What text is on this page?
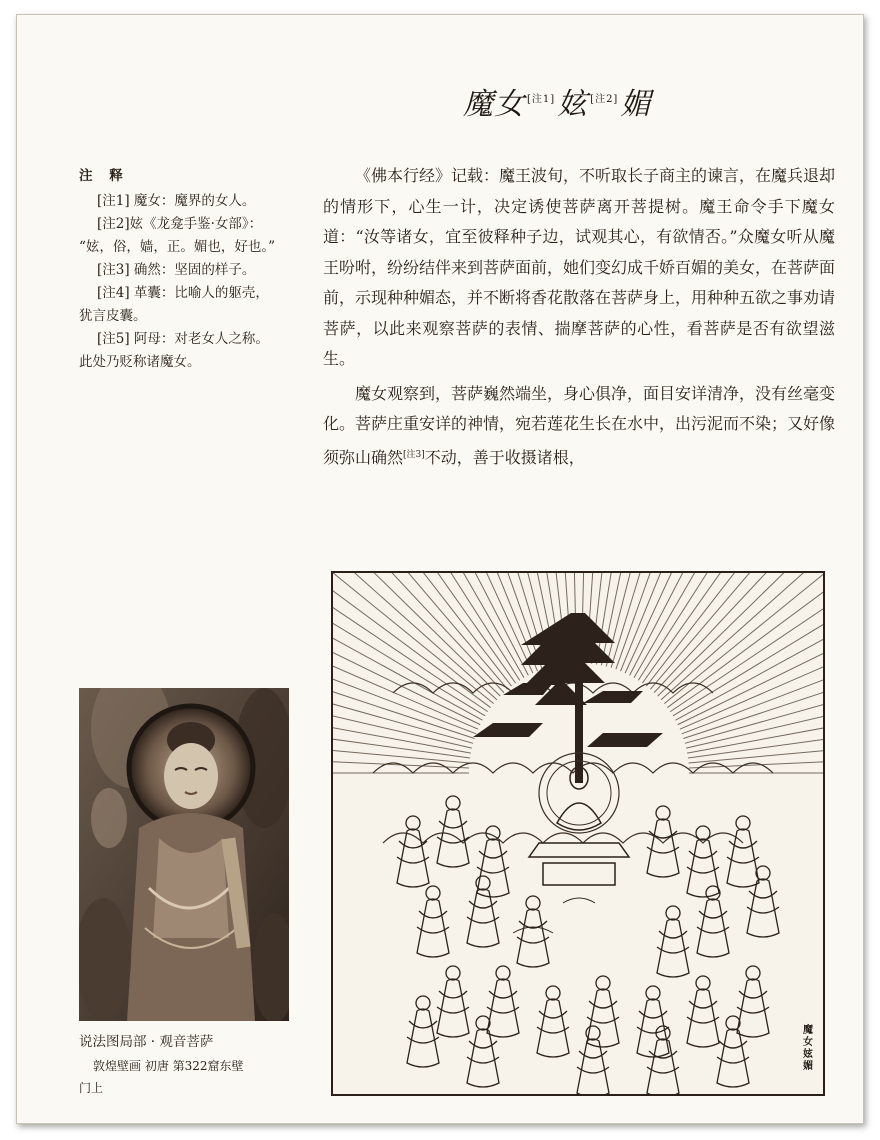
魔女 [注1]妶 [注2]媚
注 释
[注1] 魔女：魔界的女人。
[注2]妶《龙龛手鉴·女部》：
“妶，俗，嫱，正。媚也，好也。”
[注3] 确然：坚固的样子。
[注4] 革囊：比喻人的躯壳，
犹言皮囊。
[注5] 阿母：对老女人之称。
此处乃贬称诸魔女。

《佛本行经》记载：魔王波旬，不听取长子商主的谏言，在魔兵退却的情形下，心生一计，决定诱使菩萨离开菩提树。魔王命令手下魔女道：“汝等诸女，宜至彼释种子边，试观其心，有欲情否。”众魔女听从魔王吩咐，纷纷结伴来到菩萨面前，她们变幻成千娇百媚的美女，在菩萨面前，示现种种媚态，并不断将香花散落在菩萨身上，用种种五欲之事劝请菩萨，以此来观察菩萨的表情、揣摩菩萨的心性，看菩萨是否有欲望滋生。

魔女观察到，菩萨巍然端坐，身心俱净，面目安详清净，没有丝毫变化。菩萨庄重安详的神情，宛若莲花生长在水中，出污泥而不染；又好像须弥山确然[注3]不动，善于收摄诸根，

说法图局部 · 观音菩萨
敦煌壁画 初唐 第322窟东壁
门上
魔女妶媚
